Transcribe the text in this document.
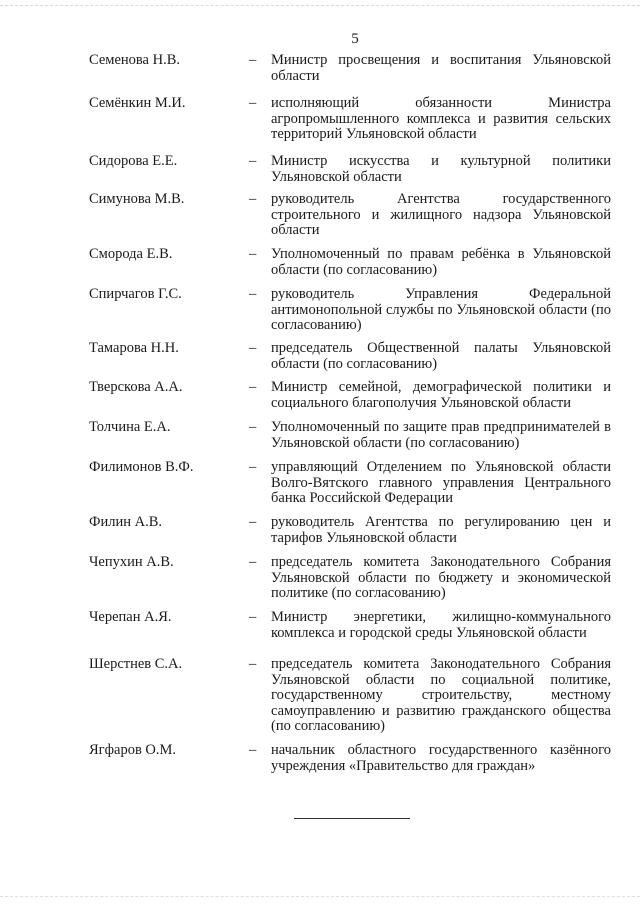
5
Семенова Н.В.	– Министр просвещения и воспитания Ульяновской области
Семёнкин М.И.	– исполняющий обязанности Министра агропромышленного комплекса и развития сельских территорий Ульяновской области
Сидорова Е.Е.	– Министр искусства и культурной политики Ульяновской области
Симунова М.В.	– руководитель Агентства государственного строительного и жилищного надзора Ульяновской области
Сморода Е.В.	– Уполномоченный по правам ребёнка в Ульяновской области (по согласованию)
Спирчагов Г.С.	– руководитель Управления Федеральной антимонопольной службы по Ульяновской области (по согласованию)
Тамарова Н.Н.	– председатель Общественной палаты Ульяновской области (по согласованию)
Тверскова А.А.	– Министр семейной, демографической политики и социального благополучия Ульяновской области
Толчина Е.А.	– Уполномоченный по защите прав предпринимателей в Ульяновской области (по согласованию)
Филимонов В.Ф.	– управляющий Отделением по Ульяновской области Волго-Вятского главного управления Центрального банка Российской Федерации
Филин А.В.	– руководитель Агентства по регулированию цен и тарифов Ульяновской области
Чепухин А.В.	– председатель комитета Законодательного Собрания Ульяновской области по бюджету и экономической политике (по согласованию)
Черепан А.Я.	– Министр энергетики, жилищно-коммунального комплекса и городской среды Ульяновской области
Шерстнев С.А.	– председатель комитета Законодательного Собрания Ульяновской области по социальной политике, государственному строительству, местному самоуправлению и развитию гражданского общества (по согласованию)
Ягфаров О.М.	– начальник областного государственного казённого учреждения «Правительство для граждан»
